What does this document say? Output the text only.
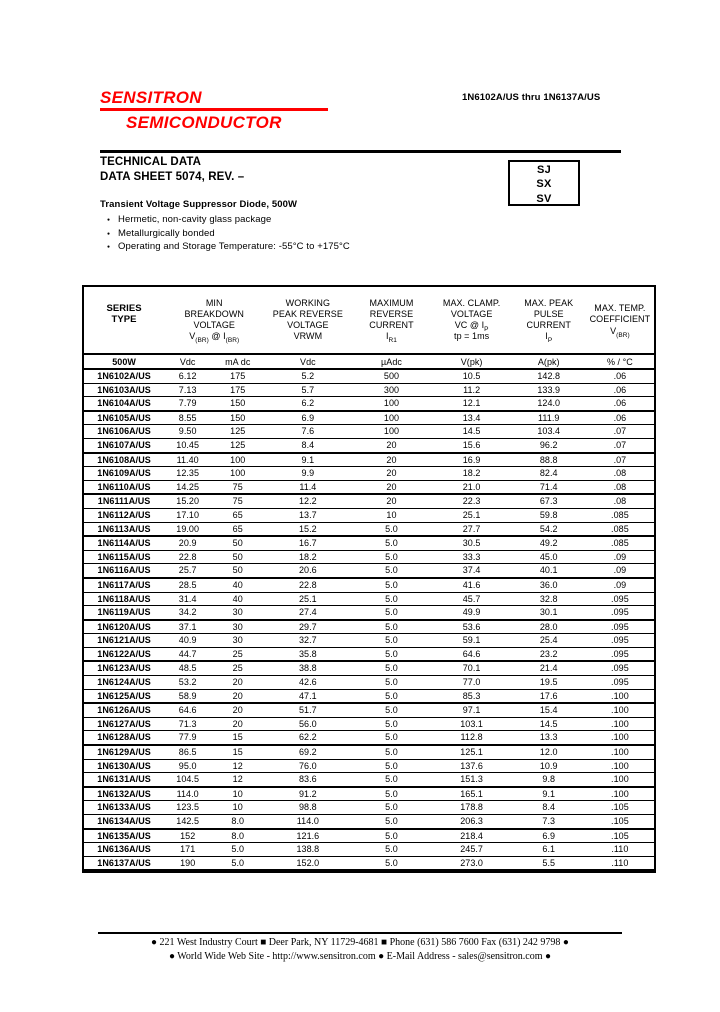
SENSITRON
SEMICONDUCTOR
1N6102A/US thru 1N6137A/US
TECHNICAL DATA
DATA SHEET 5074, REV. –
Transient Voltage Suppressor Diode, 500W
● Hermetic, non-cavity glass package
● Metallurgically bonded
● Operating and Storage Temperature: -55°C to +175°C
SJ
SX
SV
SERIES
TYPE

MIN
BREAKDOWN
VOLTAGE
$V_{(BR)}$ @ $I_{(BR)}$

WORKING
PEAK REVERSE
VOLTAGE
VRWM

MAXIMUM
REVERSE
CURRENT
$I_{R1}$

MAX. CLAMP.
VOLTAGE
VC @ $I_P$
tp = 1ms

MAX. PEAK
PULSE
CURRENT
$I_P$

MAX. TEMP.
COEFFICIENT
$V_{(BR)}$

500W	Vdc	mA dc	Vdc	µAdc	V(pk)	A(pk)	% / °C
1N6102A/US	6.12	175	5.2	500	10.5	142.8	.06
1N6103A/US	7.13	175	5.7	300	11.2	133.9	.06
1N6104A/US	7.79	150	6.2	100	12.1	124.0	.06
1N6105A/US	8.55	150	6.9	100	13.4	111.9	.06
1N6106A/US	9.50	125	7.6	100	14.5	103.4	.07
1N6107A/US	10.45	125	8.4	20	15.6	96.2	.07
1N6108A/US	11.40	100	9.1	20	16.9	88.8	.07
1N6109A/US	12.35	100	9.9	20	18.2	82.4	.08
1N6110A/US	14.25	75	11.4	20	21.0	71.4	.08
1N6111A/US	15.20	75	12.2	20	22.3	67.3	.08
1N6112A/US	17.10	65	13.7	10	25.1	59.8	.085
1N6113A/US	19.00	65	15.2	5.0	27.7	54.2	.085
1N6114A/US	20.9	50	16.7	5.0	30.5	49.2	.085
1N6115A/US	22.8	50	18.2	5.0	33.3	45.0	.09
1N6116A/US	25.7	50	20.6	5.0	37.4	40.1	.09
1N6117A/US	28.5	40	22.8	5.0	41.6	36.0	.09
1N6118A/US	31.4	40	25.1	5.0	45.7	32.8	.095
1N6119A/US	34.2	30	27.4	5.0	49.9	30.1	.095
1N6120A/US	37.1	30	29.7	5.0	53.6	28.0	.095
1N6121A/US	40.9	30	32.7	5.0	59.1	25.4	.095
1N6122A/US	44.7	25	35.8	5.0	64.6	23.2	.095
1N6123A/US	48.5	25	38.8	5.0	70.1	21.4	.095
1N6124A/US	53.2	20	42.6	5.0	77.0	19.5	.095
1N6125A/US	58.9	20	47.1	5.0	85.3	17.6	.100
1N6126A/US	64.6	20	51.7	5.0	97.1	15.4	.100
1N6127A/US	71.3	20	56.0	5.0	103.1	14.5	.100
1N6128A/US	77.9	15	62.2	5.0	112.8	13.3	.100
1N6129A/US	86.5	15	69.2	5.0	125.1	12.0	.100
1N6130A/US	95.0	12	76.0	5.0	137.6	10.9	.100
1N6131A/US	104.5	12	83.6	5.0	151.3	9.8	.100
1N6132A/US	114.0	10	91.2	5.0	165.1	9.1	.100
1N6133A/US	123.5	10	98.8	5.0	178.8	8.4	.105
1N6134A/US	142.5	8.0	114.0	5.0	206.3	7.3	.105
1N6135A/US	152	8.0	121.6	5.0	218.4	6.9	.105
1N6136A/US	171	5.0	138.8	5.0	245.7	6.1	.110
1N6137A/US	190	5.0	152.0	5.0	273.0	5.5	.110
● 221 West Industry Court ■ Deer Park, NY 11729-4681 ■ Phone (631) 586 7600 Fax (631) 242 9798 ●
● World Wide Web Site - http://www.sensitron.com ● E-Mail Address - sales@sensitron.com ●
